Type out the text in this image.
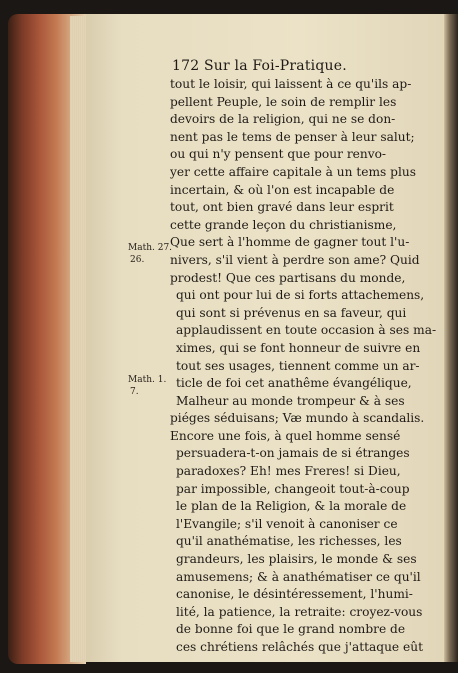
172 Sur la Foi-Pratique.
Math. 27.
26.
Math. 1.
7.
tout le loisir, qui laissent à ce qu'ils ap-
pellent Peuple, le soin de remplir les
devoirs de la religion, qui ne se don-
nent pas le tems de penser à leur salut;
ou qui n'y pensent que pour renvo-
yer cette affaire capitale à un tems plus
incertain, & où l'on est incapable de
tout, ont bien gravé dans leur esprit
cette grande leçon du christianisme,
Que sert à l'homme de gagner tout l'u-
nivers, s'il vient à perdre son ame? Quid
prodest! Que ces partisans du monde,
qui ont pour lui de si forts attachemens,
qui sont si prévenus en sa faveur, qui
applaudissent en toute occasion à ses ma-
ximes, qui se font honneur de suivre en
tout ses usages, tiennent comme un ar-
ticle de foi cet anathême évangélique,
Malheur au monde trompeur & à ses
piéges séduisans; Væ mundo à scandalis.
Encore une fois, à quel homme sensé
persuadera-t-on jamais de si étranges
paradoxes? Eh! mes Freres! si Dieu,
par impossible, changeoit tout-à-coup
le plan de la Religion, & la morale de
l'Evangile; s'il venoit à canoniser ce
qu'il anathématise, les richesses, les
grandeurs, les plaisirs, le monde & ses
amusemens; & à anathématiser ce qu'il
canonise, le désintéressement, l'humi-
lité, la patience, la retraite: croyez-vous
de bonne foi que le grand nombre de
ces chrétiens relâchés que j'attaque eût
